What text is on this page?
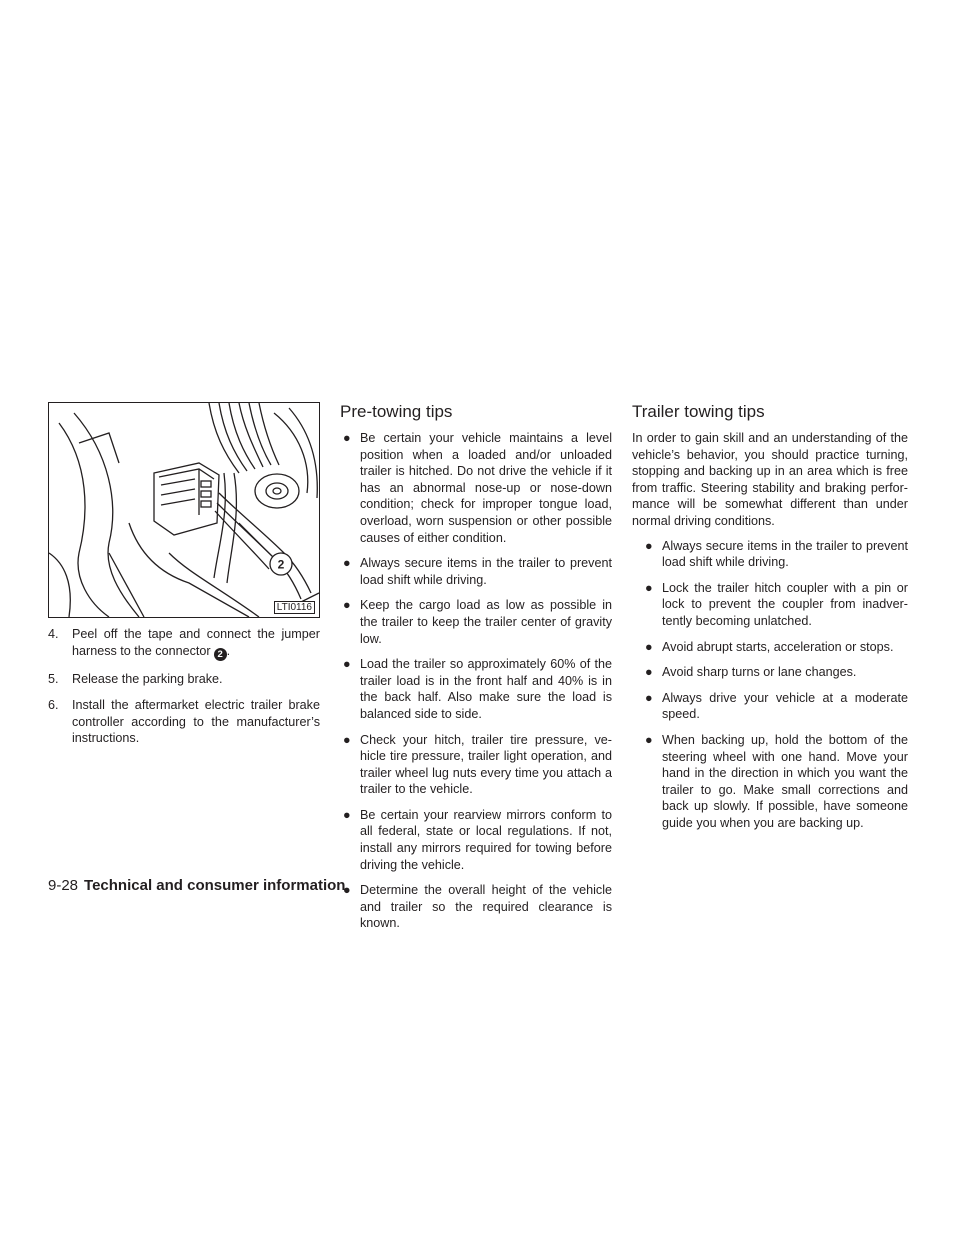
2
LTI0116
4. Peel off the tape and connect the jumper harness to the connector 2 .
5. Release the parking brake.
6. Install the aftermarket electric trailer brake controller according to the manufacturer’s instructions.
Pre-towing tips
● Be certain your vehicle maintains a level position when a loaded and/or unloaded trailer is hitched. Do not drive the vehicle if it has an abnormal nose-up or nose-down condition; check for improper tongue load, overload, worn suspension or other possible causes of either condition.
● Always secure items in the trailer to prevent load shift while driving.
● Keep the cargo load as low as possible in the trailer to keep the trailer center of gravity low.
● Load the trailer so approximately 60% of the trailer load is in the front half and 40% is in the back half. Also make sure the load is balanced side to side.
● Check your hitch, trailer tire pressure, ve-hicle tire pressure, trailer light operation, and trailer wheel lug nuts every time you attach a trailer to the vehicle.
● Be certain your rearview mirrors conform to all federal, state or local regulations. If not, install any mirrors required for towing before driving the vehicle.
● Determine the overall height of the vehicle and trailer so the required clearance is known.
Trailer towing tips

In order to gain skill and an understanding of the vehicle’s behavior, you should practice turning, stopping and backing up in an area which is free from traffic. Steering stability and braking perfor-mance will be somewhat different than under normal driving conditions.

● Always secure items in the trailer to prevent load shift while driving.
● Lock the trailer hitch coupler with a pin or lock to prevent the coupler from inadver-tently becoming unlatched.
● Avoid abrupt starts, acceleration or stops.
● Avoid sharp turns or lane changes.
● Always drive your vehicle at a moderate speed.
● When backing up, hold the bottom of the steering wheel with one hand. Move your hand in the direction in which you want the trailer to go. Make small corrections and back up slowly. If possible, have someone guide you when you are backing up.
9-28 Technical and consumer information
